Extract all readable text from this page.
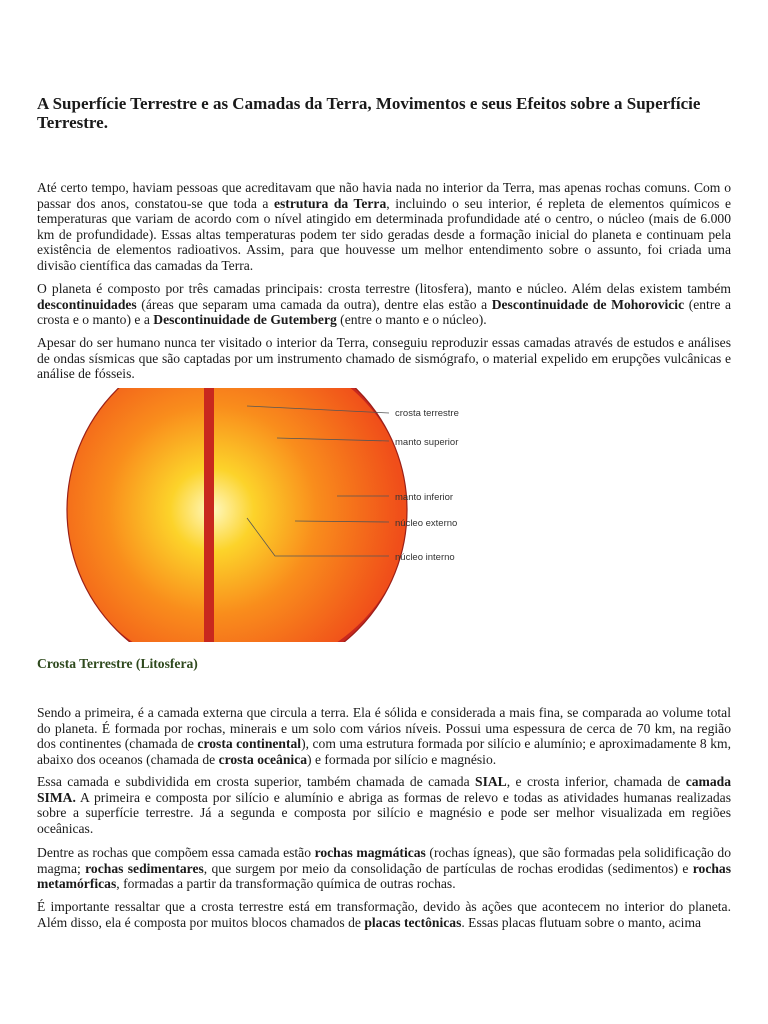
A Superfície Terrestre e as Camadas da Terra, Movimentos e seus Efeitos sobre a Superfície Terrestre.

Até certo tempo, haviam pessoas que acreditavam que não havia nada no interior da Terra, mas apenas rochas comuns. Com o passar dos anos, constatou-se que toda a estrutura da Terra, incluindo o seu interior, é repleta de elementos químicos e temperaturas que variam de acordo com o nível atingido em determinada profundidade até o centro, o núcleo (mais de 6.000 km de profundidade). Essas altas temperaturas podem ter sido geradas desde a formação inicial do planeta e continuam pela existência de elementos radioativos. Assim, para que houvesse um melhor entendimento sobre o assunto, foi criada uma divisão científica das camadas da Terra.

O planeta é composto por três camadas principais: crosta terrestre (litosfera), manto e núcleo. Além delas existem também descontinuidades (áreas que separam uma camada da outra), dentre elas estão a Descontinuidade de Mohorovicic (entre a crosta e o manto) e a Descontinuidade de Gutemberg (entre o manto e o núcleo).

Apesar do ser humano nunca ter visitado o interior da Terra, conseguiu reproduzir essas camadas através de estudos e análises de ondas sísmicas que são captadas por um instrumento chamado de sismógrafo, o material expelido em erupções vulcânicas e análise de fósseis.

crosta terrestre
manto superior
manto inferior
núcleo externo
núcleo interno
Crosta Terrestre (Litosfera)

Sendo a primeira, é a camada externa que circula a terra. Ela é sólida e considerada a mais fina, se comparada ao volume total do planeta. É formada por rochas, minerais e um solo com vários níveis. Possui uma espessura de cerca de 70 km, na região dos continentes (chamada de crosta continental), com uma estrutura formada por silício e alumínio; e aproximadamente 8 km, abaixo dos oceanos (chamada de crosta oceânica) e formada por silício e magnésio.

Essa camada e subdividida em crosta superior, também chamada de camada SIAL, e crosta inferior, chamada de camada SIMA. A primeira e composta por silício e alumínio e abriga as formas de relevo e todas as atividades humanas realizadas sobre a superfície terrestre. Já a segunda e composta por silício e magnésio e pode ser melhor visualizada em regiões oceânicas.

Dentre as rochas que compõem essa camada estão rochas magmáticas (rochas ígneas), que são formadas pela solidificação do magma; rochas sedimentares, que surgem por meio da consolidação de partículas de rochas erodidas (sedimentos) e rochas metamórficas, formadas a partir da transformação química de outras rochas.

É importante ressaltar que a crosta terrestre está em transformação, devido às ações que acontecem no interior do planeta. Além disso, ela é composta por muitos blocos chamados de placas tectônicas. Essas placas flutuam sobre o manto, acima
